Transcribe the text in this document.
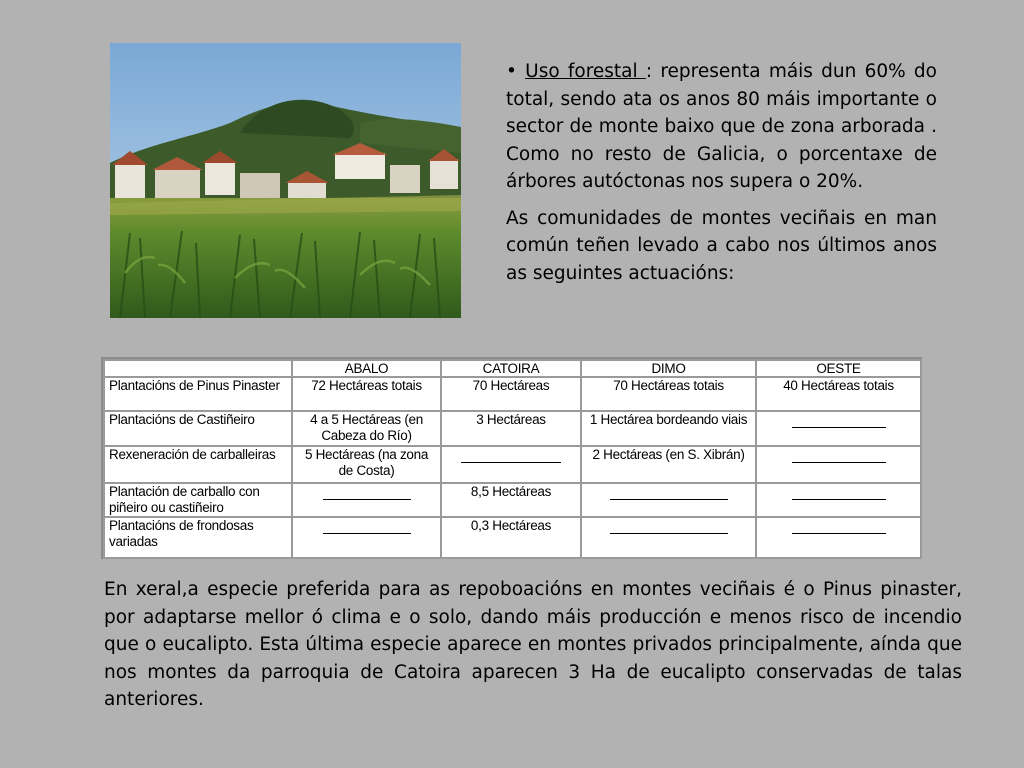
• Uso forestal : representa máis dun 60% do total, sendo ata os anos 80 máis importante o sector de monte baixo que de zona arborada . Como no resto de Galicia, o porcentaxe de árbores autóctonas nos supera o 20%.

As comunidades de montes veciñais en man común teñen levado a cabo nos últimos anos as seguintes actuacións:

	ABALO	CATOIRA	DIMO	OESTE
Plantacións de Pinus Pinaster	72 Hectáreas totais	70 Hectáreas	70 Hectáreas totais	40 Hectáreas totais
Plantacións de Castiñeiro	4 a 5 Hectáreas (en Cabeza do Río)	3 Hectáreas	1 Hectárea bordeando viais	

Rexeneración de carballeiras	5 Hectáreas (na zona de Costa)		2 Hectáreas (en S. Xibrán)	

Plantación de carballo con piñeiro ou castiñeiro		8,5 Hectáreas	

Plantacións de frondosas variadas		0,3 Hectáreas	

En xeral,a especie preferida para as repoboacións en montes veciñais é o Pinus pinaster, por adaptarse mellor ó clima e o solo, dando máis producción e menos risco de incendio que o eucalipto. Esta última especie aparece en montes privados principalmente, aínda que nos montes da parroquia de Catoira aparecen 3 Ha de eucalipto conservadas de talas anteriores.
